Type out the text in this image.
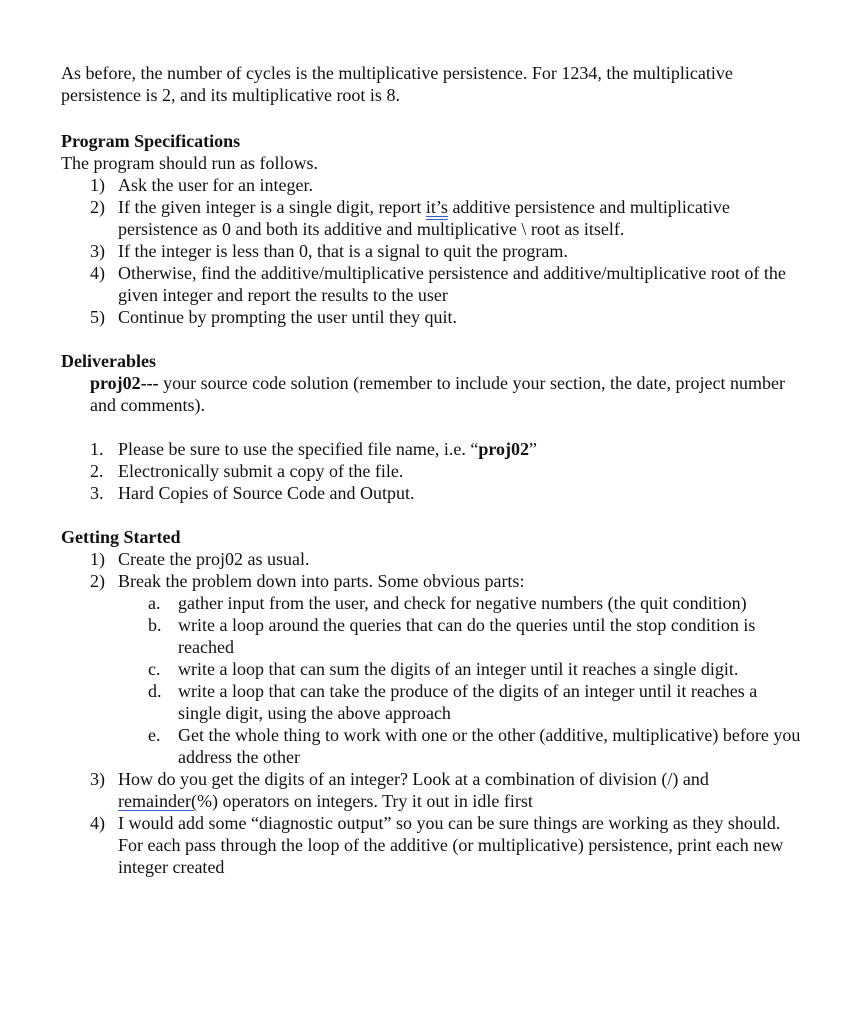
As before, the number of cycles is the multiplicative persistence. For 1234, the multiplicative persistence is 2, and its multiplicative root is 8.

Program Specifications

The program should run as follows.

1) Ask the user for an integer.
2) If the given integer is a single digit, report it’s additive persistence and multiplicative persistence as 0 and both its additive and multiplicative \ root as itself.
3) If the integer is less than 0, that is a signal to quit the program.
4) Otherwise, find the additive/multiplicative persistence and additive/multiplicative root of the given integer and report the results to the user
5) Continue by prompting the user until they quit.

Deliverables

proj02--- your source code solution (remember to include your section, the date, project number and comments).

1. Please be sure to use the specified file name, i.e. “proj02”
2. Electronically submit a copy of the file.
3. Hard Copies of Source Code and Output.

Getting Started

1) Create the proj02 as usual.
2) Break the problem down into parts. Some obvious parts:
a. gather input from the user, and check for negative numbers (the quit condition)
b. write a loop around the queries that can do the queries until the stop condition is reached
c. write a loop that can sum the digits of an integer until it reaches a single digit.
d. write a loop that can take the produce of the digits of an integer until it reaches a single digit, using the above approach
e. Get the whole thing to work with one or the other (additive, multiplicative) before you address the other
3) How do you get the digits of an integer? Look at a combination of division (/) and remainder(%) operators on integers. Try it out in idle first
4) I would add some “diagnostic output” so you can be sure things are working as they should. For each pass through the loop of the additive (or multiplicative) persistence, print each new integer created
